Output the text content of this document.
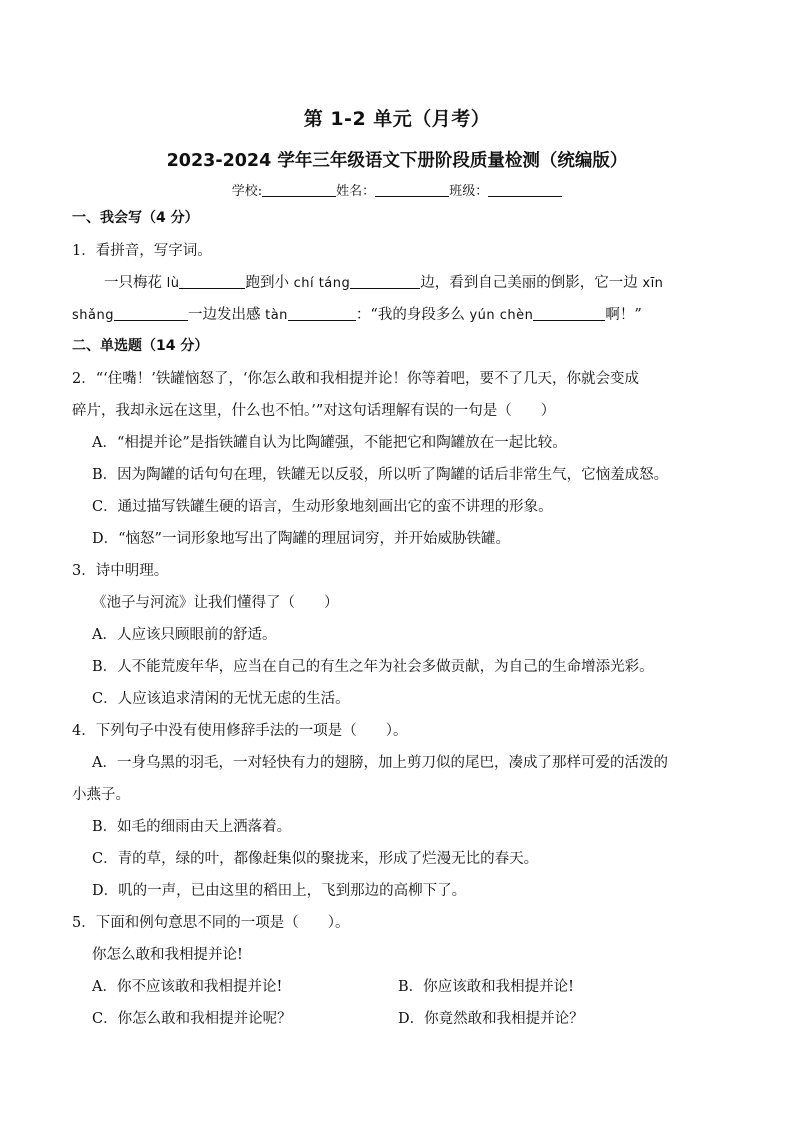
第 1-2 单元（月考）
2023-2024 学年三年级语文下册阶段质量检测（统编版）
学校:	姓名：	班级：
一、我会写（4 分）
1．看拼音，写字词。
一只梅花 lù	跑到小 chí táng	边，看到自己美丽的倒影，它一边 xīn
shǎng	一边发出感 tàn	：“我的身段多么 yún chèn	啊！”
二、单选题（14 分）
2．“‘住嘴！’铁罐恼怒了，‘你怎么敢和我相提并论！你等着吧，要不了几天，你就会变成
碎片，我却永远在这里，什么也不怕。’”对这句话理解有误的一句是（　　）
A．“相提并论”是指铁罐自认为比陶罐强，不能把它和陶罐放在一起比较。
B．因为陶罐的话句句在理，铁罐无以反驳，所以听了陶罐的话后非常生气，它恼羞成怒。
C．通过描写铁罐生硬的语言，生动形象地刻画出它的蛮不讲理的形象。
D．“恼怒”一词形象地写出了陶罐的理屈词穷，并开始威胁铁罐。
3．诗中明理。
《池子与河流》让我们懂得了（　　）
A．人应该只顾眼前的舒适。
B．人不能荒废年华，应当在自己的有生之年为社会多做贡献，为自己的生命增添光彩。
C．人应该追求清闲的无忧无虑的生活。
4．下列句子中没有使用修辞手法的一项是（　　）。
A．一身乌黑的羽毛，一对轻快有力的翅膀，加上剪刀似的尾巴，凑成了那样可爱的活泼的
小燕子。
B．如毛的细雨由天上洒落着。
C．青的草，绿的叶，都像赶集似的聚拢来，形成了烂漫无比的春天。
D．叽的一声，已由这里的稻田上，飞到那边的高柳下了。
5．下面和例句意思不同的一项是（　　）。
你怎么敢和我相提并论!
A．你不应该敢和我相提并论!	B．你应该敢和我相提并论!
C．你怎么敢和我相提并论呢？	D．你竟然敢和我相提并论？
